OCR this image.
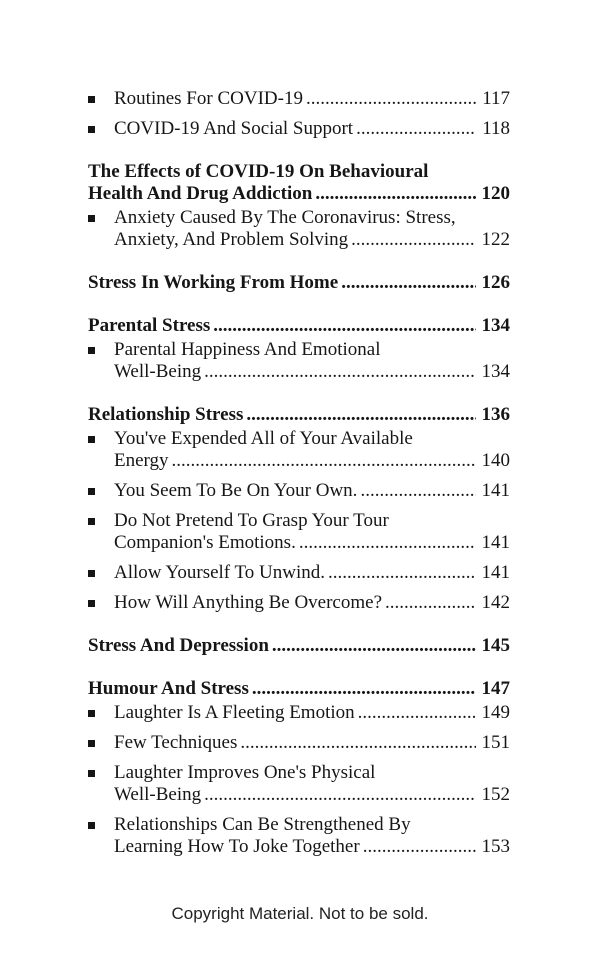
Routines For COVID-19 .....	117
COVID-19 And Social Support .....	118
The Effects of COVID-19 On Behavioural
Health And Drug Addiction .....	120
Anxiety Caused By The Coronavirus: Stress,
Anxiety, And Problem Solving .....	122
Stress In Working From Home .....	126
Parental Stress .....	134
Parental Happiness And Emotional
Well-Being .....	134
Relationship Stress .....	136
You've Expended All of Your Available
Energy .....	140
You Seem To Be On Your Own. .....	141
Do Not Pretend To Grasp Your Tour
Companion's Emotions. .....	141
Allow Yourself To Unwind. .....	141
How Will Anything Be Overcome? .....	142
Stress And Depression .....	145
Humour And Stress .....	147
Laughter Is A Fleeting Emotion .....	149
Few Techniques .....	151
Laughter Improves One's Physical
Well-Being .....	152
Relationships Can Be Strengthened By
Learning How To Joke Together .....	153
Copyright Material. Not to be sold.
